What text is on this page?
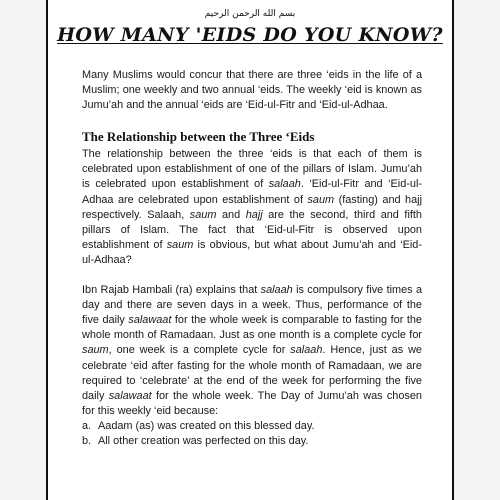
بسم الله الرحمن الرحيم
HOW MANY 'EIDS DO YOU KNOW?

Many Muslims would concur that there are three ‘eids in the life of a Muslim; one weekly and two annual ‘eids. The weekly ‘eid is known as Jumu’ah and the annual ‘eids are ‘Eid-ul-Fitr and ‘Eid-ul-Adhaa.

The Relationship between the Three ‘Eids

The relationship between the three ‘eids is that each of them is celebrated upon establishment of one of the pillars of Islam. Jumu’ah is celebrated upon establishment of salaah. ‘Eid-ul-Fitr and ‘Eid-ul-Adhaa are celebrated upon establishment of saum (fasting) and hajj respectively. Salaah, saum and hajj are the second, third and fifth pillars of Islam. The fact that ‘Eid-ul-Fitr is observed upon establishment of saum is obvious, but what about Jumu’ah and ‘Eid-ul-Adhaa?

Ibn Rajab Hambali (ra) explains that salaah is compulsory five times a day and there are seven days in a week. Thus, performance of the five daily salawaat for the whole week is comparable to fasting for the whole month of Ramadaan. Just as one month is a complete cycle for saum, one week is a complete cycle for salaah. Hence, just as we celebrate ‘eid after fasting for the whole month of Ramadaan, we are required to ‘celebrate’ at the end of the week for performing the five daily salawaat for the whole week. The Day of Jumu’ah was chosen for this weekly ‘eid because:

a. Aadam (as) was created on this blessed day.
b. All other creation was perfected on this day.
